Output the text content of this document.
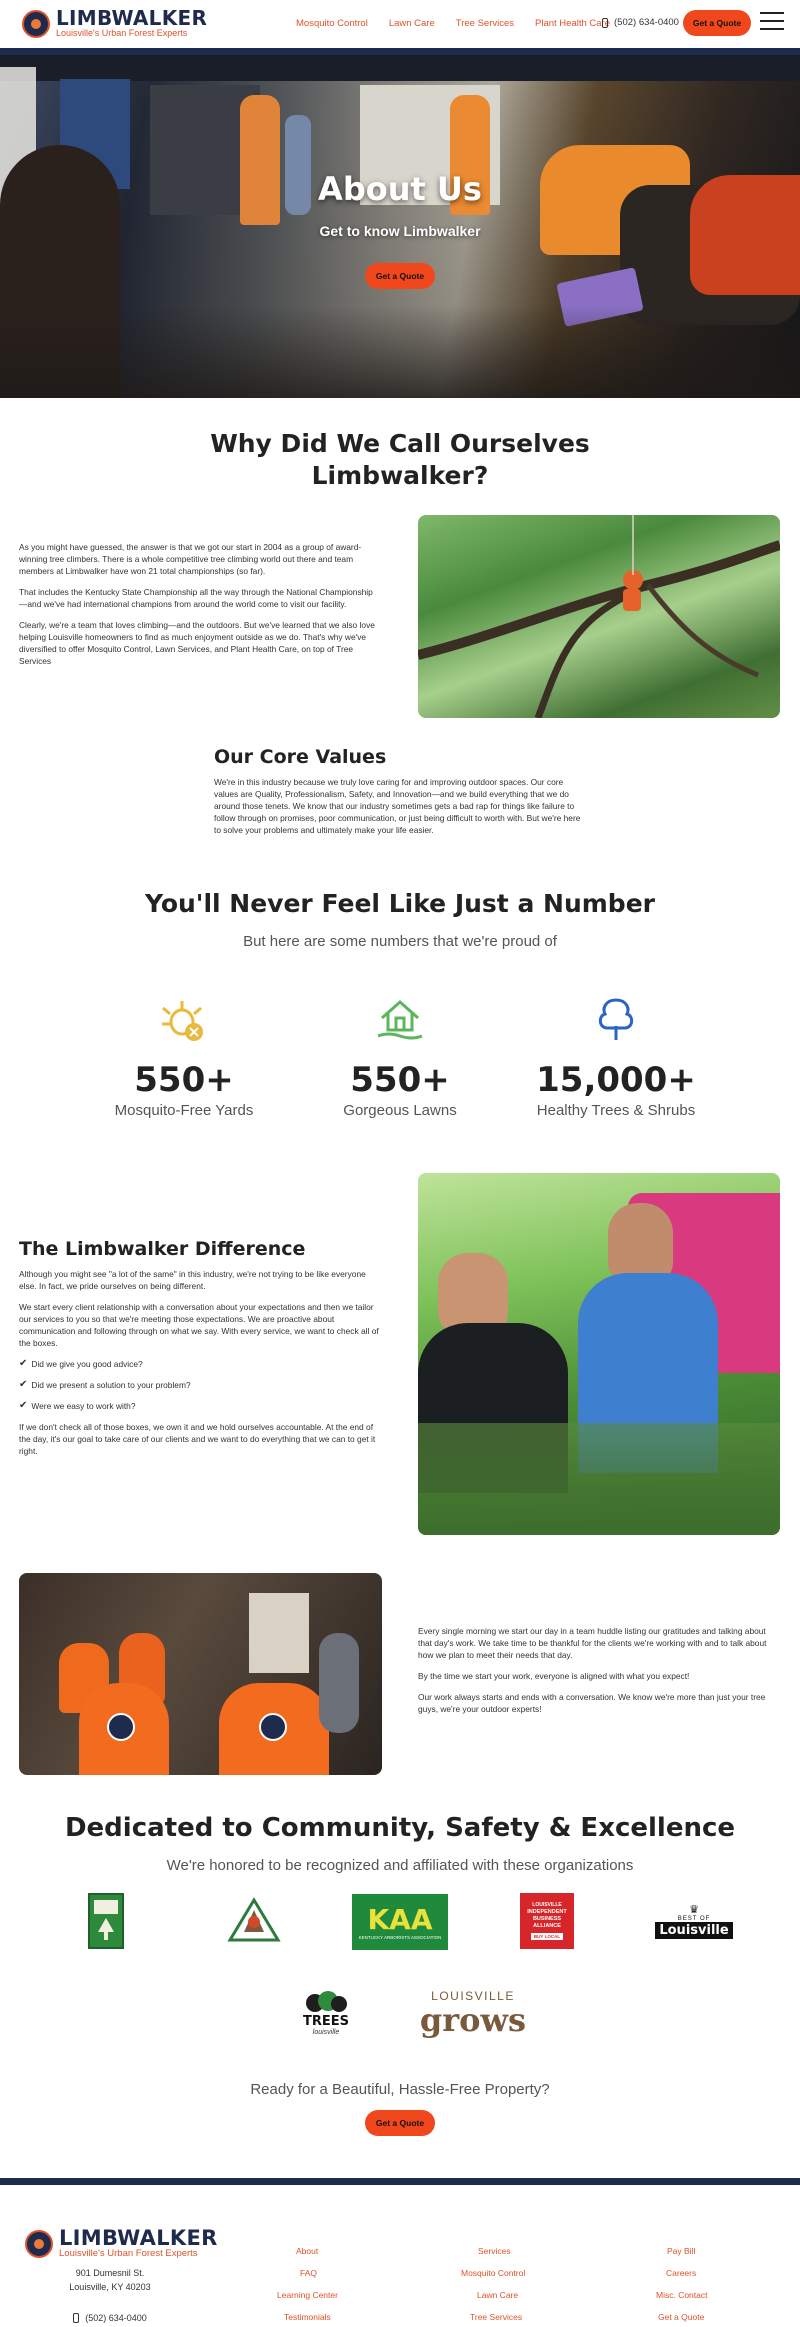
LIMBWALKER
Louisville's Urban Forest Experts
Mosquito Control Lawn Care Tree Services Plant Health Care (502) 634-0400	Get a Quote
About Us
Get to know Limbwalker
Get a Quote
Why Did We Call Ourselves
Limbwalker?

As you might have guessed, the answer is that we got our start in 2004 as a group of award-winning tree climbers. There is a whole competitive tree climbing world out there and team members at Limbwalker have won 21 total championships (so far).

That includes the Kentucky State Championship all the way through the National Championship—and we've had international champions from around the world come to visit our facility.

Clearly, we're a team that loves climbing—and the outdoors. But we've learned that we also love helping Louisville homeowners to find as much enjoyment outside as we do. That's why we've diversified to offer Mosquito Control, Lawn Services, and Plant Health Care, on top of Tree Services

Our Core Values
We're in this industry because we truly love caring for and improving outdoor spaces. Our core values are Quality, Professionalism, Safety, and Innovation—and we build everything that we do around those tenets. We know that our industry sometimes gets a bad rap for things like failure to follow through on promises, poor communication, or just being difficult to worth with. But we're here to solve your problems and ultimately make your life easier.
You'll Never Feel Like Just a Number
But here are some numbers that we're proud of
550+
Mosquito-Free Yards
550+
Gorgeous Lawns
15,000+
Healthy Trees & Shrubs
The Limbwalker Difference

Although you might see "a lot of the same" in this industry, we're not trying to be like everyone else. In fact, we pride ourselves on being different.

We start every client relationship with a conversation about your expectations and then we tailor our services to you so that we're meeting those expectations. We are proactive about communication and following through on what we say. With every service, we want to check all of the boxes.

✔ Did we give you good advice?
✔ Did we present a solution to your problem?
✔ Were we easy to work with?

If we don't check all of those boxes, we own it and we hold ourselves accountable. At the end of the day, it's our goal to take care of our clients and we want to do everything that we can to get it right.

Every single morning we start our day in a team huddle listing our gratitudes and talking about that day's work. We take time to be thankful for the clients we're working with and to talk about how we plan to meet their needs that day.

By the time we start your work, everyone is aligned with what you expect!

Our work always starts and ends with a conversation. We know we're more than just your tree guys, we're your outdoor experts!

Dedicated to Community, Safety & Excellence
We're honored to be recognized and affiliated with these organizations
KAA
KENTUCKY ARBORISTS ASSOCIATION
LOUISVILLE
INDEPENDENT
BUSINESS
ALLIANCE
BUY LOCAL
♛
BEST OF
Louisville
TREES
louisville
LOUISVILLE
grows
Ready for a Beautiful, Hassle-Free Property?
Get a Quote
LIMBWALKER
Louisville's Urban Forest Experts
901 Dumesnil St.
Louisville, KY 40203
(502) 634-0400
About
FAQ
Learning Center
Testimonials
Services
Mosquito Control
Lawn Care
Tree Services
Pay Bill
Careers
Misc. Contact
Get a Quote
